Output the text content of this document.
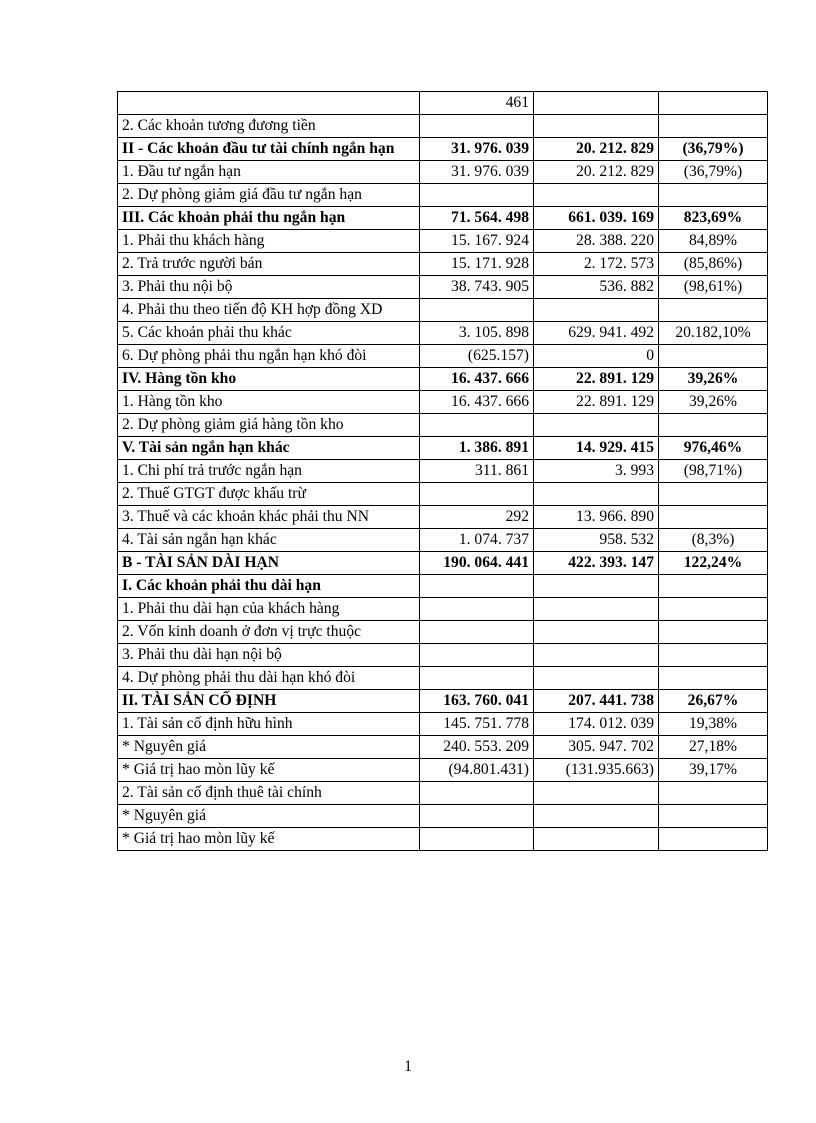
	461		
2. Các khoản tương đương tiền			
II - Các khoản đầu tư tài chính ngắn hạn	31. 976. 039	20. 212. 829	(36,79%)
1. Đầu tư ngắn hạn	31. 976. 039	20. 212. 829	(36,79%)
2. Dự phòng giảm giá đầu tư ngắn hạn			
III. Các khoản phải thu ngắn hạn	71. 564. 498	661. 039. 169	823,69%
1. Phải thu khách hàng	15. 167. 924	28. 388. 220	84,89%
2. Trả trước người bán	15. 171. 928	2. 172. 573	(85,86%)
3. Phải thu nội bộ	38. 743. 905	536. 882	(98,61%)
4. Phải thu theo tiến độ KH hợp đồng XD			
5. Các khoản phải thu khác	3. 105. 898	629. 941. 492	20.182,10%
6. Dự phòng phải thu ngắn hạn khó đòi	(625.157)	0	
IV. Hàng tồn kho	16. 437. 666	22. 891. 129	39,26%
1. Hàng tồn kho	16. 437. 666	22. 891. 129	39,26%
2. Dự phòng giảm giá hàng tồn kho			
V. Tài sản ngắn hạn khác	1. 386. 891	14. 929. 415	976,46%
1. Chi phí trả trước ngắn hạn	311. 861	3. 993	(98,71%)
2. Thuế GTGT được khấu trừ			
3. Thuế và các khoản khác phải thu NN	292	13. 966. 890	
4. Tài sản ngắn hạn khác	1. 074. 737	958. 532	(8,3%)
B - TÀI SẢN DÀI HẠN	190. 064. 441	422. 393. 147	122,24%
I. Các khoản phải thu dài hạn			
1. Phải thu dài hạn của khách hàng			
2. Vốn kinh doanh ở đơn vị trực thuộc			
3. Phải thu dài hạn nội bộ			
4. Dự phòng phải thu dài hạn khó đòi			
II. TÀI SẢN CỐ ĐỊNH	163. 760. 041	207. 441. 738	26,67%
1. Tài sản cố định hữu hình	145. 751. 778	174. 012. 039	19,38%
* Nguyên giá	240. 553. 209	305. 947. 702	27,18%
* Giá trị hao mòn lũy kế	(94.801.431)	(131.935.663)	39,17%
2. Tài sản cố định thuê tài chính			
* Nguyên giá			
* Giá trị hao mòn lũy kế			
1
